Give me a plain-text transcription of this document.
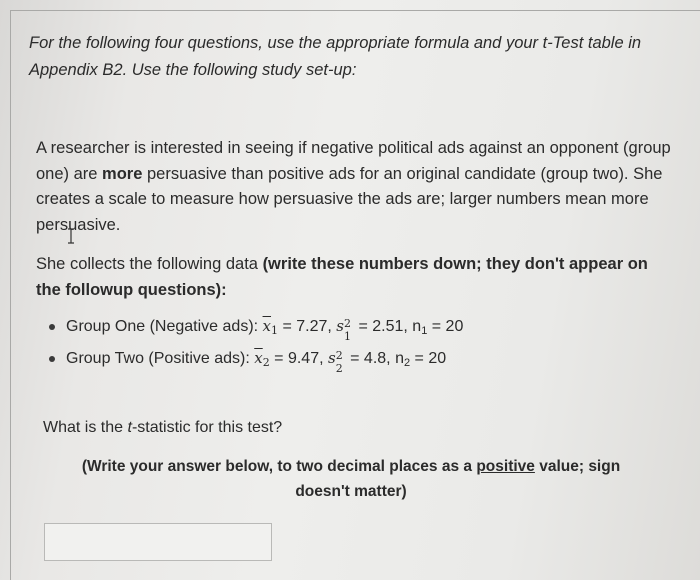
For the following four questions, use the appropriate formula and your t-Test table in
Appendix B2. Use the following study set-up:
A researcher is interested in seeing if negative political ads against an opponent (group one) are more persuasive than positive ads for an original candidate (group two). She creates a scale to measure how persuasive the ads are; larger numbers mean more persuasive.
She collects the following data (write these numbers down; they don't appear on the followup questions):
Group One (Negative ads): $\overline{x}_1 = 7.27$, s 2
1
= 2.51, $n_1 = 20$
Group Two (Positive ads): $\overline{x}_2 = 9.47$, s 2
2
= 4.8, $n_2 = 20$
What is the t-statistic for this test?
(Write your answer below, to two decimal places as a positive value; sign doesn't matter)
